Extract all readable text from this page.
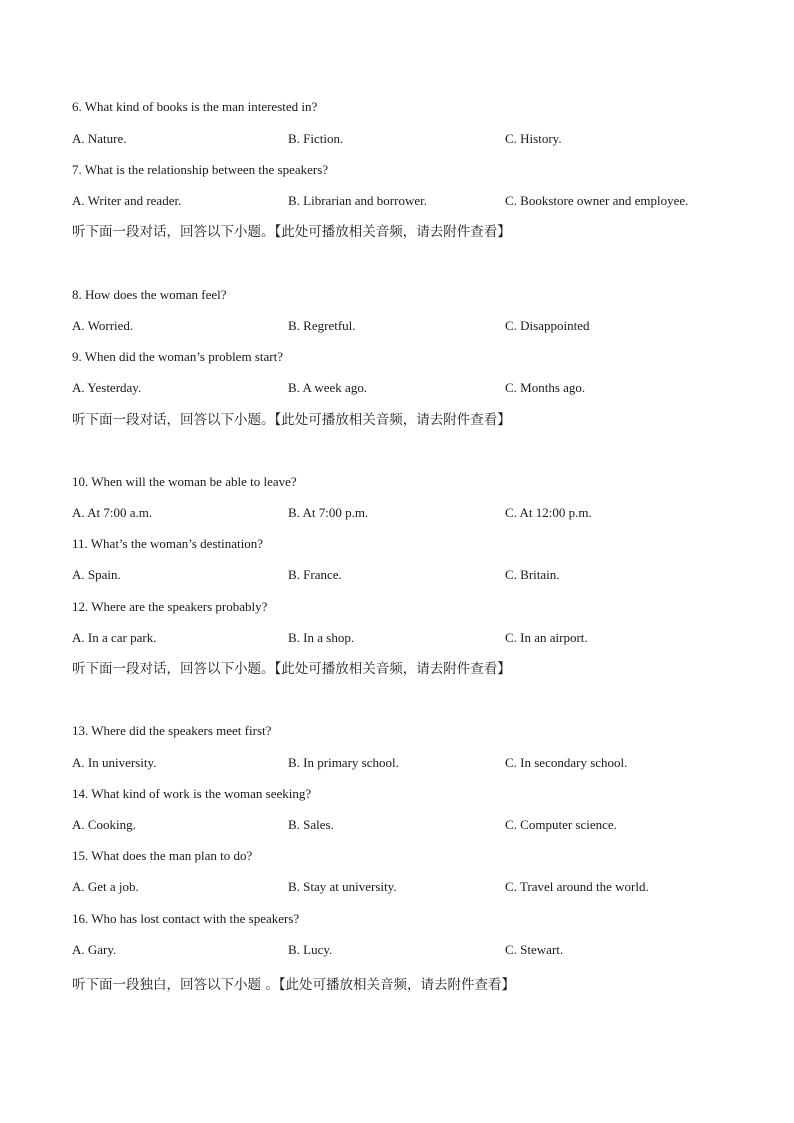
6. What kind of books is the man interested in?
A. Nature.	B. Fiction.	C. History.
7. What is the relationship between the speakers?
A. Writer and reader.	B. Librarian and borrower.	C. Bookstore owner and employee.
听下面一段对话，回答以下小题。【此处可播放相关音频，请去附件查看】
8. How does the woman feel?
A. Worried.	B. Regretful.	C. Disappointed
9. When did the woman’s problem start?
A. Yesterday.	B. A week ago.	C. Months ago.
听下面一段对话，回答以下小题。【此处可播放相关音频，请去附件查看】
10. When will the woman be able to leave?
A. At 7:00 a.m.	B. At 7:00 p.m.	C. At 12:00 p.m.
11. What’s the woman’s destination?
A. Spain.	B. France.	C. Britain.
12. Where are the speakers probably?
A. In a car park.	B. In a shop.	C. In an airport.
听下面一段对话，回答以下小题。【此处可播放相关音频，请去附件查看】
13. Where did the speakers meet first?
A. In university.	B. In primary school.	C. In secondary school.
14. What kind of work is the woman seeking?
A. Cooking.	B. Sales.	C. Computer science.
15. What does the man plan to do?
A. Get a job.	B. Stay at university.	C. Travel around the world.
16. Who has lost contact with the speakers?
A. Gary.	B. Lucy.	C. Stewart.
听下面一段独白，回答以下小题 。【此处可播放相关音频，请去附件查看】
